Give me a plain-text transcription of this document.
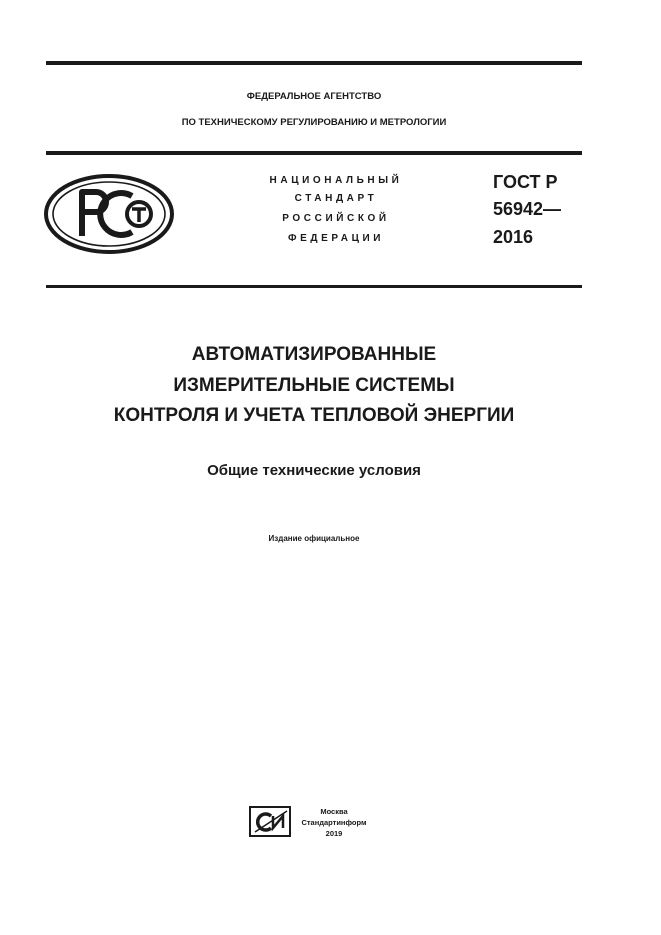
ФЕДЕРАЛЬНОЕ АГЕНТСТВО
ПО ТЕХНИЧЕСКОМУ РЕГУЛИРОВАНИЮ И МЕТРОЛОГИИ
НАЦИОНАЛЬНЫЙ
СТАНДАРТ
РОССИЙСКОЙ
ФЕДЕРАЦИИ
ГОСТ Р
56942—
2016
АВТОМАТИЗИРОВАННЫЕ
ИЗМЕРИТЕЛЬНЫЕ СИСТЕМЫ
КОНТРОЛЯ И УЧЕТА ТЕПЛОВОЙ ЭНЕРГИИ
Общие технические условия
Издание официальное
Москва
Стандартинформ
2019
